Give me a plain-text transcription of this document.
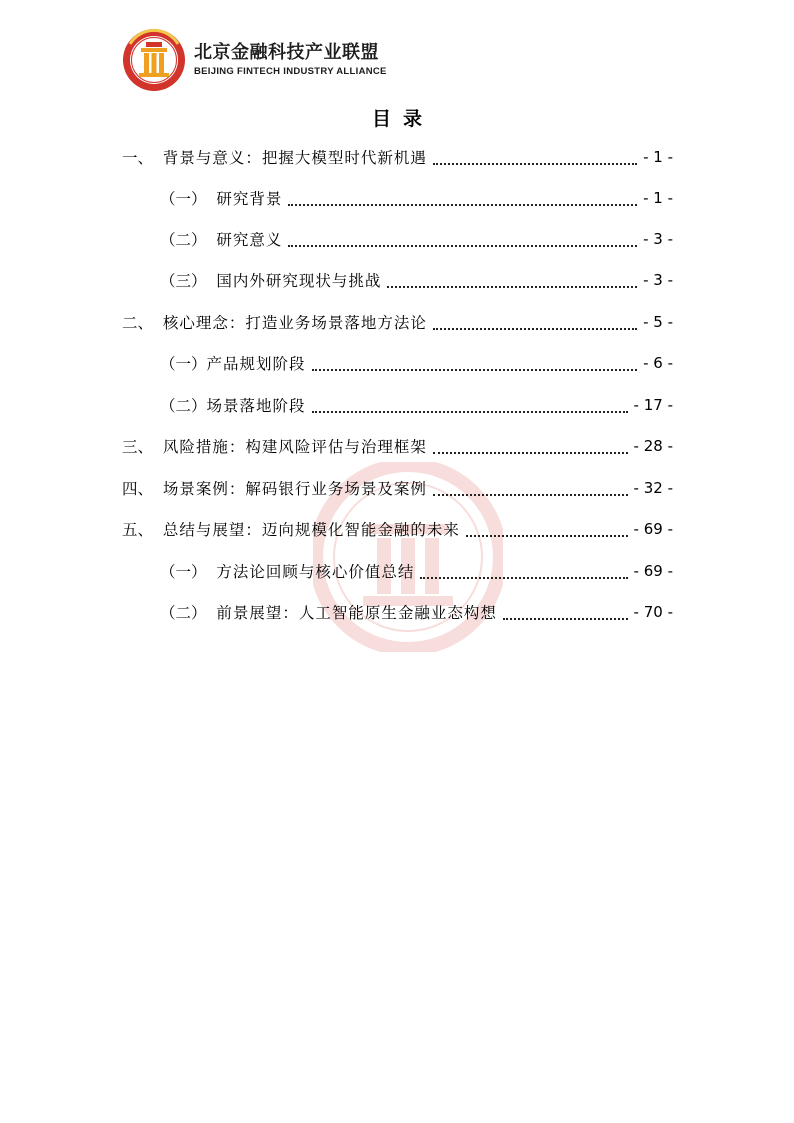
北京金融科技产业联盟
BEIJING FINTECH INDUSTRY ALLIANCE
目录
一、 背景与意义：把握大模型时代新机遇	- 1 -
（一） 研究背景	- 1 -
（二） 研究意义	- 3 -
（三） 国内外研究现状与挑战	- 3 -
二、 核心理念：打造业务场景落地方法论	- 5 -
（一） 产品规划阶段	- 6 -
（二） 场景落地阶段	- 17 -
三、 风险措施：构建风险评估与治理框架	- 28 -
四、 场景案例：解码银行业务场景及案例	- 32 -
五、 总结与展望：迈向规模化智能金融的未来	- 69 -
（一） 方法论回顾与核心价值总结	- 69 -
（二） 前景展望：人工智能原生金融业态构想	- 70 -
